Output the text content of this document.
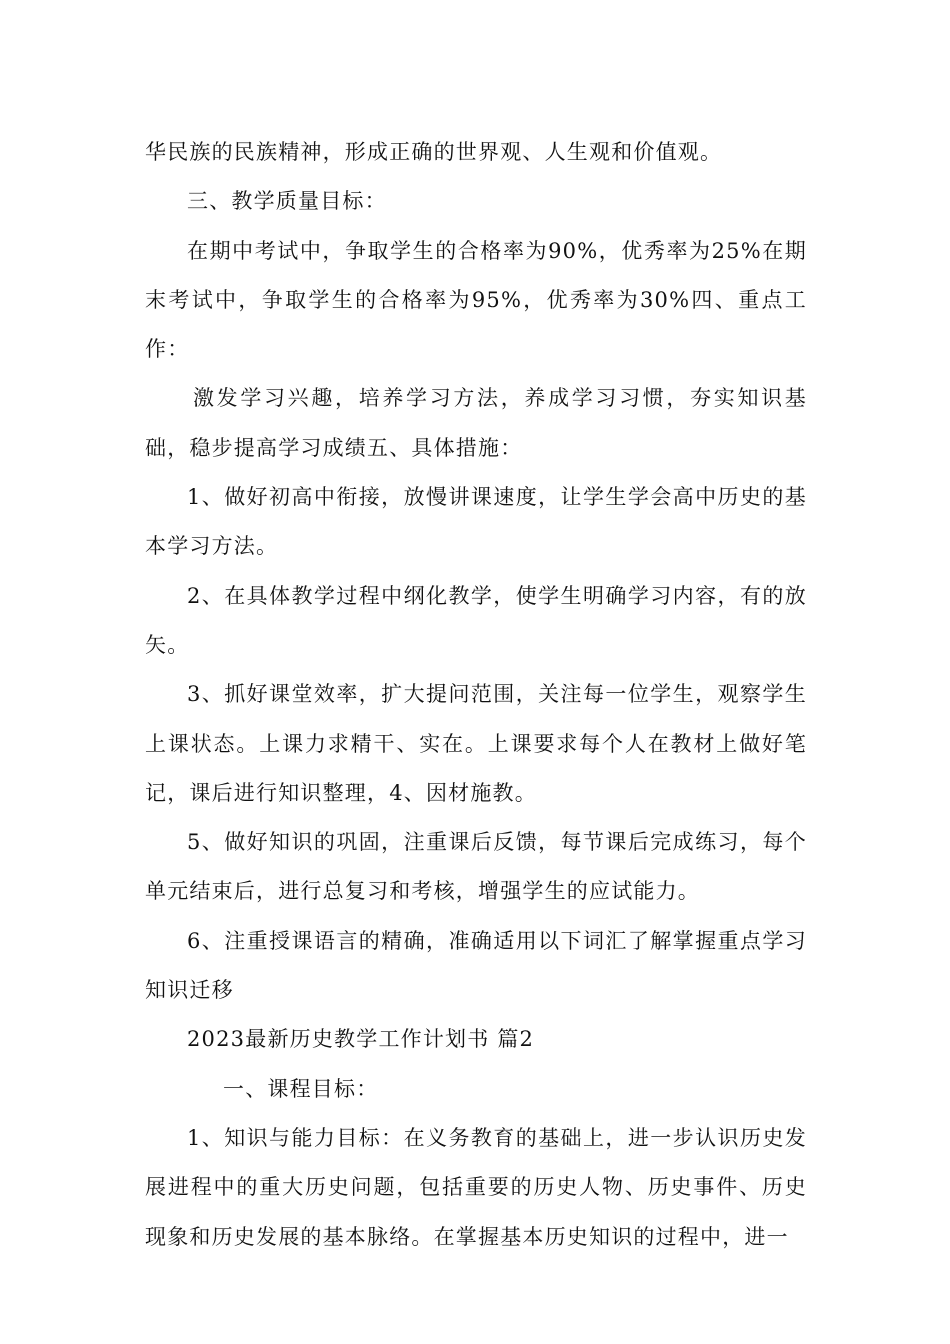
华民族的民族精神，形成正确的世界观、人生观和价值观。

三、教学质量目标：

在期中考试中，争取学生的合格率为90%，优秀率为25%在期末考试中，争取学生的合格率为95%，优秀率为30%四、重点工作：

激发学习兴趣，培养学习方法，养成学习习惯，夯实知识基础，稳步提高学习成绩五、具体措施：

1、做好初高中衔接，放慢讲课速度，让学生学会高中历史的基本学习方法。

2、在具体教学过程中纲化教学，使学生明确学习内容，有的放矢。

3、抓好课堂效率，扩大提问范围，关注每一位学生，观察学生上课状态。上课力求精干、实在。上课要求每个人在教材上做好笔记，课后进行知识整理，4、因材施教。

5、做好知识的巩固，注重课后反馈，每节课后完成练习，每个单元结束后，进行总复习和考核，增强学生的应试能力。

6、注重授课语言的精确，准确适用以下词汇了解掌握重点学习知识迁移

2023最新历史教学工作计划书 篇2

一、课程目标：

1、知识与能力目标：在义务教育的基础上，进一步认识历史发展进程中的重大历史问题，包括重要的历史人物、历史事件、历史现象和历史发展的基本脉络。在掌握基本历史知识的过程中，进一
